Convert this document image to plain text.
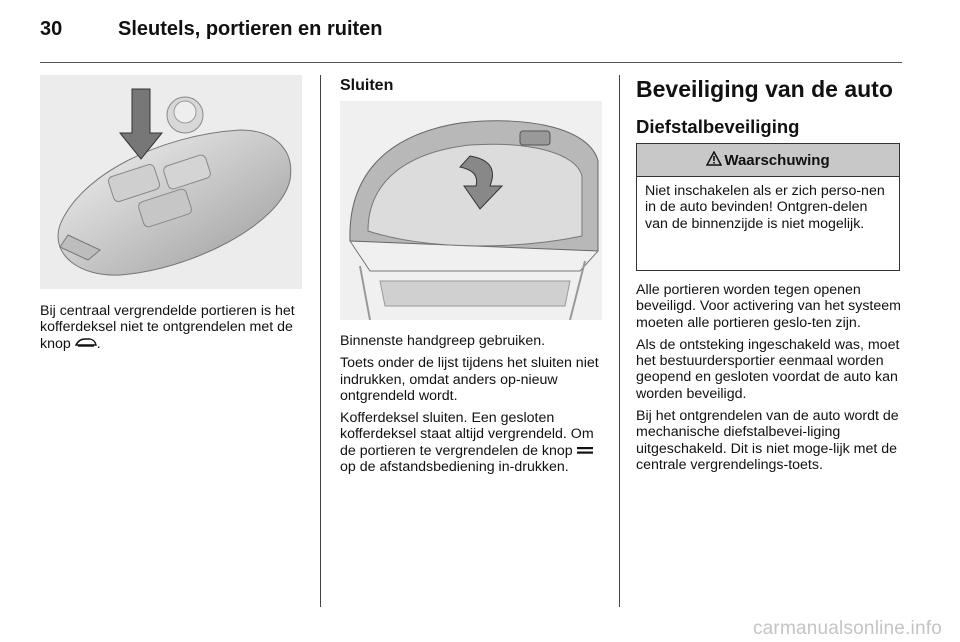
30	Sleutels, portieren en ruiten

Bij centraal vergrendelde portieren is het kofferdeksel niet te ontgrendelen met de knop .

Sluiten

Binnenste handgreep gebruiken.

Toets onder de lijst tijdens het sluiten niet indrukken, omdat anders op-nieuw ontgrendeld wordt.

Kofferdeksel sluiten. Een gesloten kofferdeksel staat altijd vergrendeld. Om de portieren te vergrendelen de knop  op de afstandsbediening in-drukken.

Beveiliging van de auto
Diefstalbeveiliging
Waarschuwing
Niet inschakelen als er zich perso-nen in de auto bevinden! Ontgren-delen van de binnenzijde is niet mogelijk.

Alle portieren worden tegen openen beveiligd. Voor activering van het systeem moeten alle portieren geslo-ten zijn.

Als de ontsteking ingeschakeld was, moet het bestuurdersportier eenmaal worden geopend en gesloten voordat de auto kan worden beveiligd.

Bij het ontgrendelen van de auto wordt de mechanische diefstalbevei-liging uitgeschakeld. Dit is niet moge-lijk met de centrale vergrendelings-toets.

carmanualsonline.info
